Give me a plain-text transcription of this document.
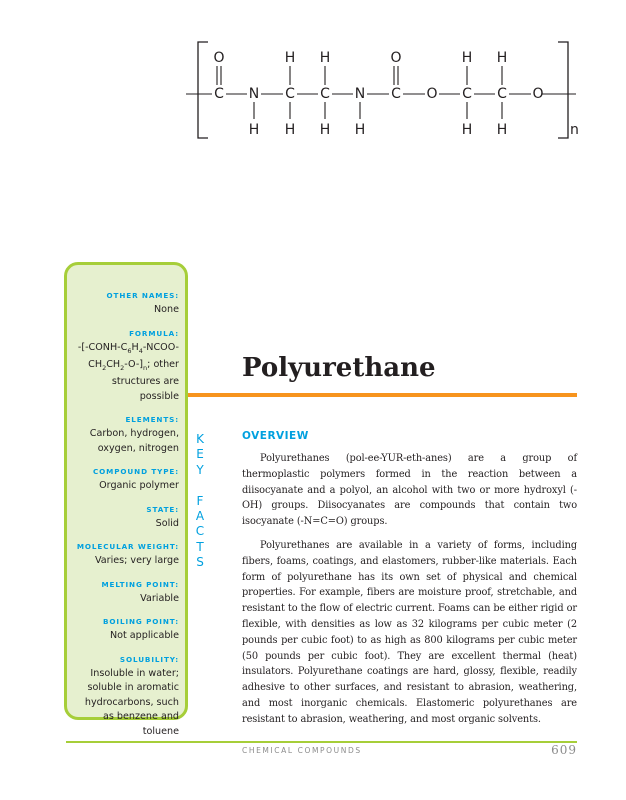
C N C C N C O C C O
O	H H	O	H H
H H H H	H H	n
OTHER NAMES:
None
FORMULA:
$-[-CONH-C_6H_4-NCOO-$
$CH_2CH_2-O-]_n$; other structures are possible
ELEMENTS:
Carbon, hydrogen, oxygen, nitrogen
COMPOUND TYPE:
Organic polymer
STATE:
Solid
MOLECULAR WEIGHT:
Varies; very large
MELTING POINT:
Variable
BOILING POINT:
Not applicable
SOLUBILITY:
Insoluble in water; soluble in aromatic hydrocarbons, such as benzene and toluene
K
E
Y

F
A
C
T
S
Polyurethane
OVERVIEW

Polyurethanes (pol-ee-YUR-eth-anes) are a group of thermoplastic polymers formed in the reaction between a diisocyanate and a polyol, an alcohol with two or more hydroxyl (-OH) groups. Diisocyanates are compounds that contain two isocyanate (-N=C=O) groups.

Polyurethanes are available in a variety of forms, including fibers, foams, coatings, and elastomers, rubber-like materials. Each form of polyurethane has its own set of physical and chemical properties. For example, fibers are moisture proof, stretchable, and resistant to the flow of electric current. Foams can be either rigid or flexible, with densities as low as 32 kilograms per cubic meter (2 pounds per cubic foot) to as high as 800 kilograms per cubic meter (50 pounds per cubic foot). They are excellent thermal (heat) insulators. Polyurethane coatings are hard, glossy, flexible, readily adhesive to other surfaces, and resistant to abrasion, weathering, and most inorganic chemicals. Elastomeric polyurethanes are resistant to abrasion, weathering, and most organic solvents.

CHEMICAL COMPOUNDS	609
